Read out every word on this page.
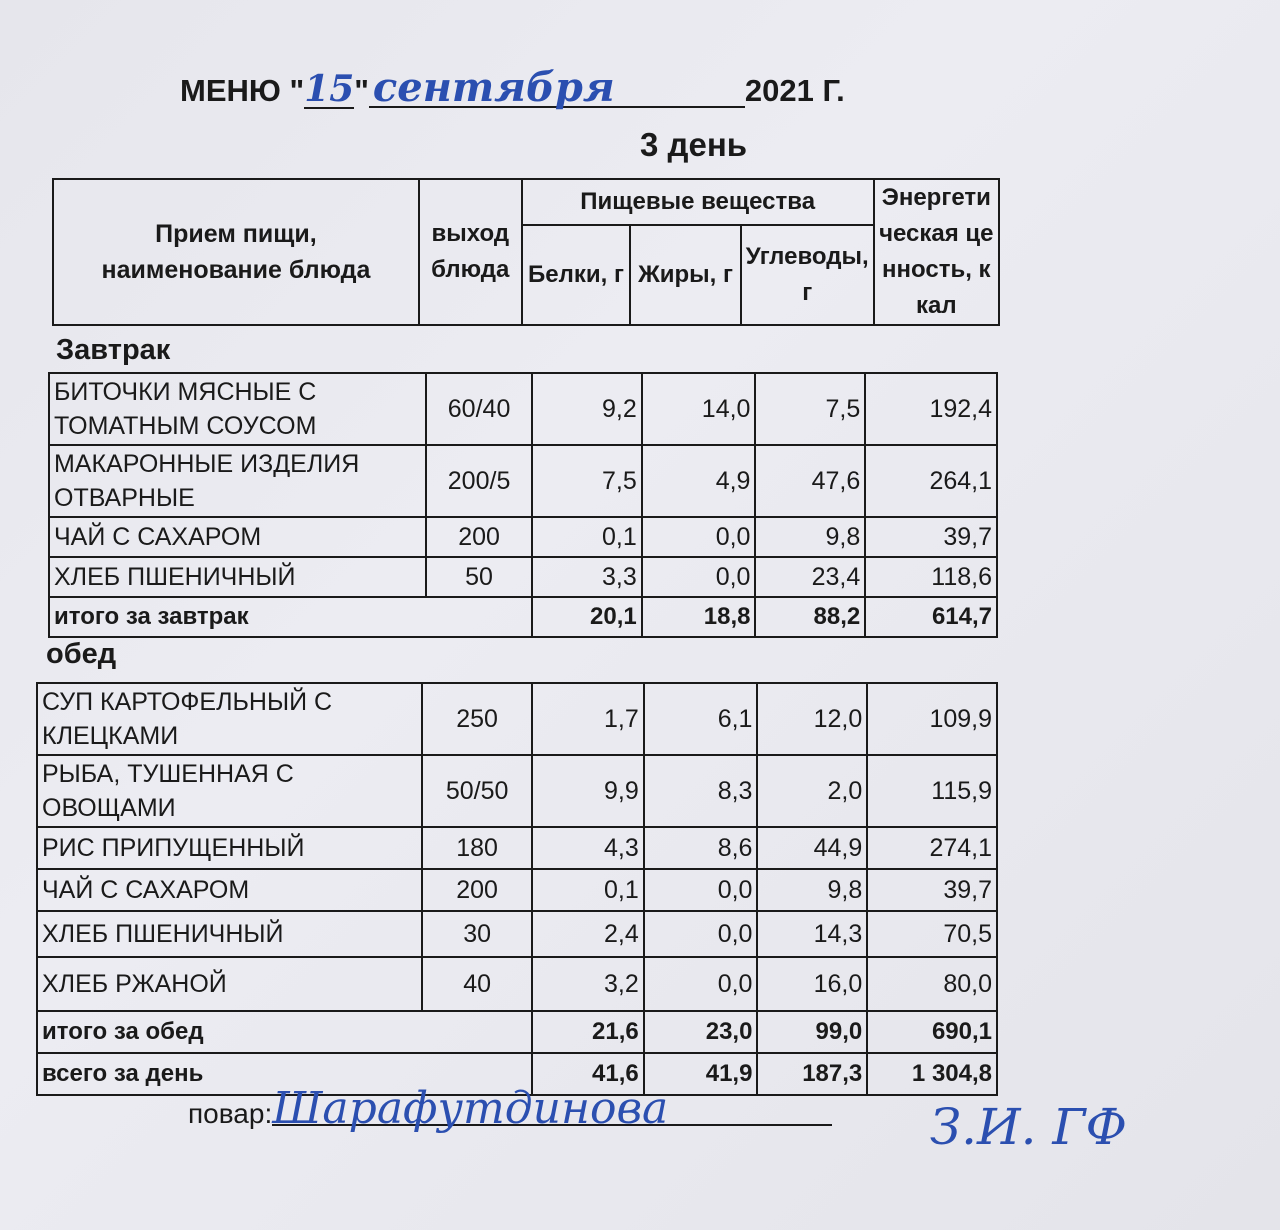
МЕНЮ "15" сентября	2021 Г.
3 день
Прием пищи, наименование блюда	выход блюда	Пищевые вещества			Энергетическая ценность, ккал
		Белки, г	Жиры, г	Углеводы, г	
Завтрак
БИТОЧКИ МЯСНЫЕ С ТОМАТНЫМ СОУСОМ	60/40	9,2	14,0	7,5	192,4
МАКАРОННЫЕ ИЗДЕЛИЯ ОТВАРНЫЕ	200/5	7,5	4,9	47,6	264,1
ЧАЙ С САХАРОМ	200	0,1	0,0	9,8	39,7
ХЛЕБ ПШЕНИЧНЫЙ	50	3,3	0,0	23,4	118,6
итого за завтрак		20,1	18,8	88,2	614,7
обед
СУП КАРТОФЕЛЬНЫЙ С КЛЕЦКАМИ	250	1,7	6,1	12,0	109,9
РЫБА, ТУШЕННАЯ С ОВОЩАМИ	50/50	9,9	8,3	2,0	115,9
РИС ПРИПУЩЕННЫЙ	180	4,3	8,6	44,9	274,1
ЧАЙ С САХАРОМ	200	0,1	0,0	9,8	39,7
ХЛЕБ ПШЕНИЧНЫЙ	30	2,4	0,0	14,3	70,5
ХЛЕБ РЖАНОЙ	40	3,2	0,0	16,0	80,0
итого за обед		21,6	23,0	99,0	690,1
всего за день		41,6	41,9	187,3	1 304,8
повар:Шарафутдинова	З.И. ГФ
